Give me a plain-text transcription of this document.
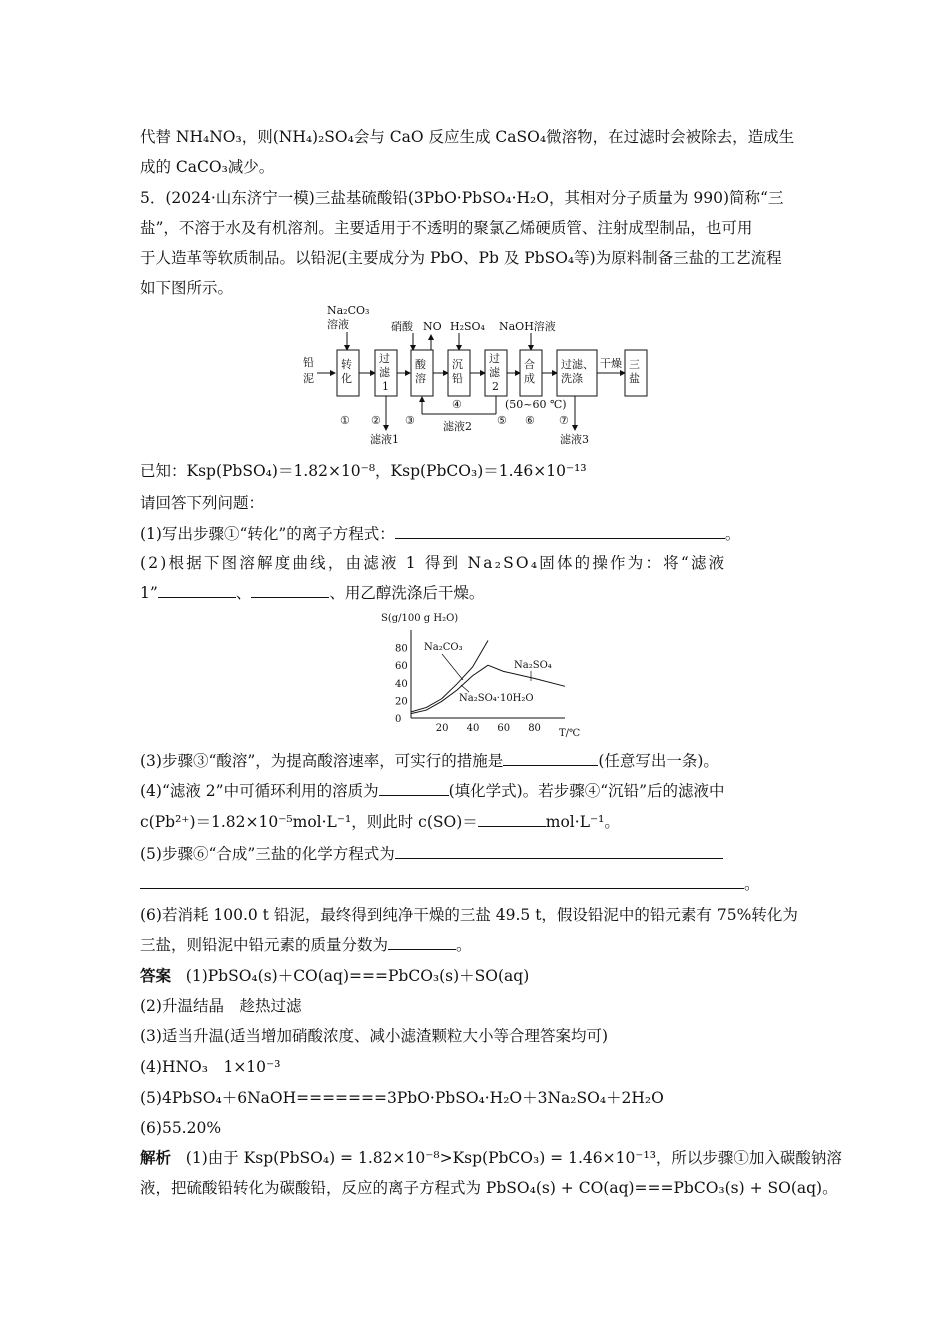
代替 NH₄NO₃，则(NH₄)₂SO₄会与 CaO 反应生成 CaSO₄微溶物，在过滤时会被除去，造成生
成的 CaCO₃减少。
5．(2024·山东济宁一模)三盐基硫酸铅(3PbO·PbSO₄·H₂O，其相对分子质量为 990)简称“三
盐”，不溶于水及有机溶剂。主要适用于不透明的聚氯乙烯硬质管、注射成型制品，也可用
于人造革等软质制品。以铅泥(主要成分为 PbO、Pb 及 PbSO₄等)为原料制备三盐的工艺流程
如下图所示。
铅
泥
Na₂CO₃
溶液
转
化
过
滤
1
滤液1
硝酸 NO
酸
溶
H₂SO₄
沉
铅
过
滤
2
滤液2
NaOH溶液
合
成
(50~60 ℃)
过滤、
洗涤
滤液3
干燥 三
盐
① ② ③
④
⑤ ⑥ ⑦
已知：Ksp(PbSO₄)＝1.82×10⁻⁸，Ksp(PbCO₃)＝1.46×10⁻¹³
请回答下列问题：
(1)写出步骤①“转化”的离子方程式：	。
(2)根据下图溶解度曲线，由滤液 1 得到 Na₂SO₄固体的操作为：将“滤液
1”	、	、用乙醇洗涤后干燥。
S(g/100 g H₂O)
T/℃
20 40 60 80
0
20
40
60
80 Na₂CO₃
Na₂SO₄
Na₂SO₄·10H₂O
(3)步骤③“酸溶”，为提高酸溶速率，可实行的措施是	(任意写出一条)。
(4)“滤液 2”中可循环利用的溶质为	(填化学式)。若步骤④“沉铅”后的滤液中
c(Pb²⁺)＝1.82×10⁻⁵mol·L⁻¹，则此时 c(SO)＝	mol·L⁻¹。
(5)步骤⑥“合成”三盐的化学方程式为
。
(6)若消耗 100.0 t 铅泥，最终得到纯净干燥的三盐 49.5 t，假设铅泥中的铅元素有 75%转化为
三盐，则铅泥中铅元素的质量分数为	。
答案 (1)PbSO₄(s)＋CO(aq)===PbCO₃(s)＋SO(aq)
(2)升温结晶　趁热过滤
(3)适当升温(适当增加硝酸浓度、减小滤渣颗粒大小等合理答案均可)
(4)HNO₃　1×10⁻³
(5)4PbSO₄＋6NaOH=======3PbO·PbSO₄·H₂O＋3Na₂SO₄＋2H₂O
(6)55.20%
解析 (1)由于 Ksp(PbSO₄) = 1.82×10⁻⁸>Ksp(PbCO₃) = 1.46×10⁻¹³，所以步骤①加入碳酸钠溶
液，把硫酸铅转化为碳酸铅，反应的离子方程式为 PbSO₄(s) + CO(aq)===PbCO₃(s) + SO(aq)。
